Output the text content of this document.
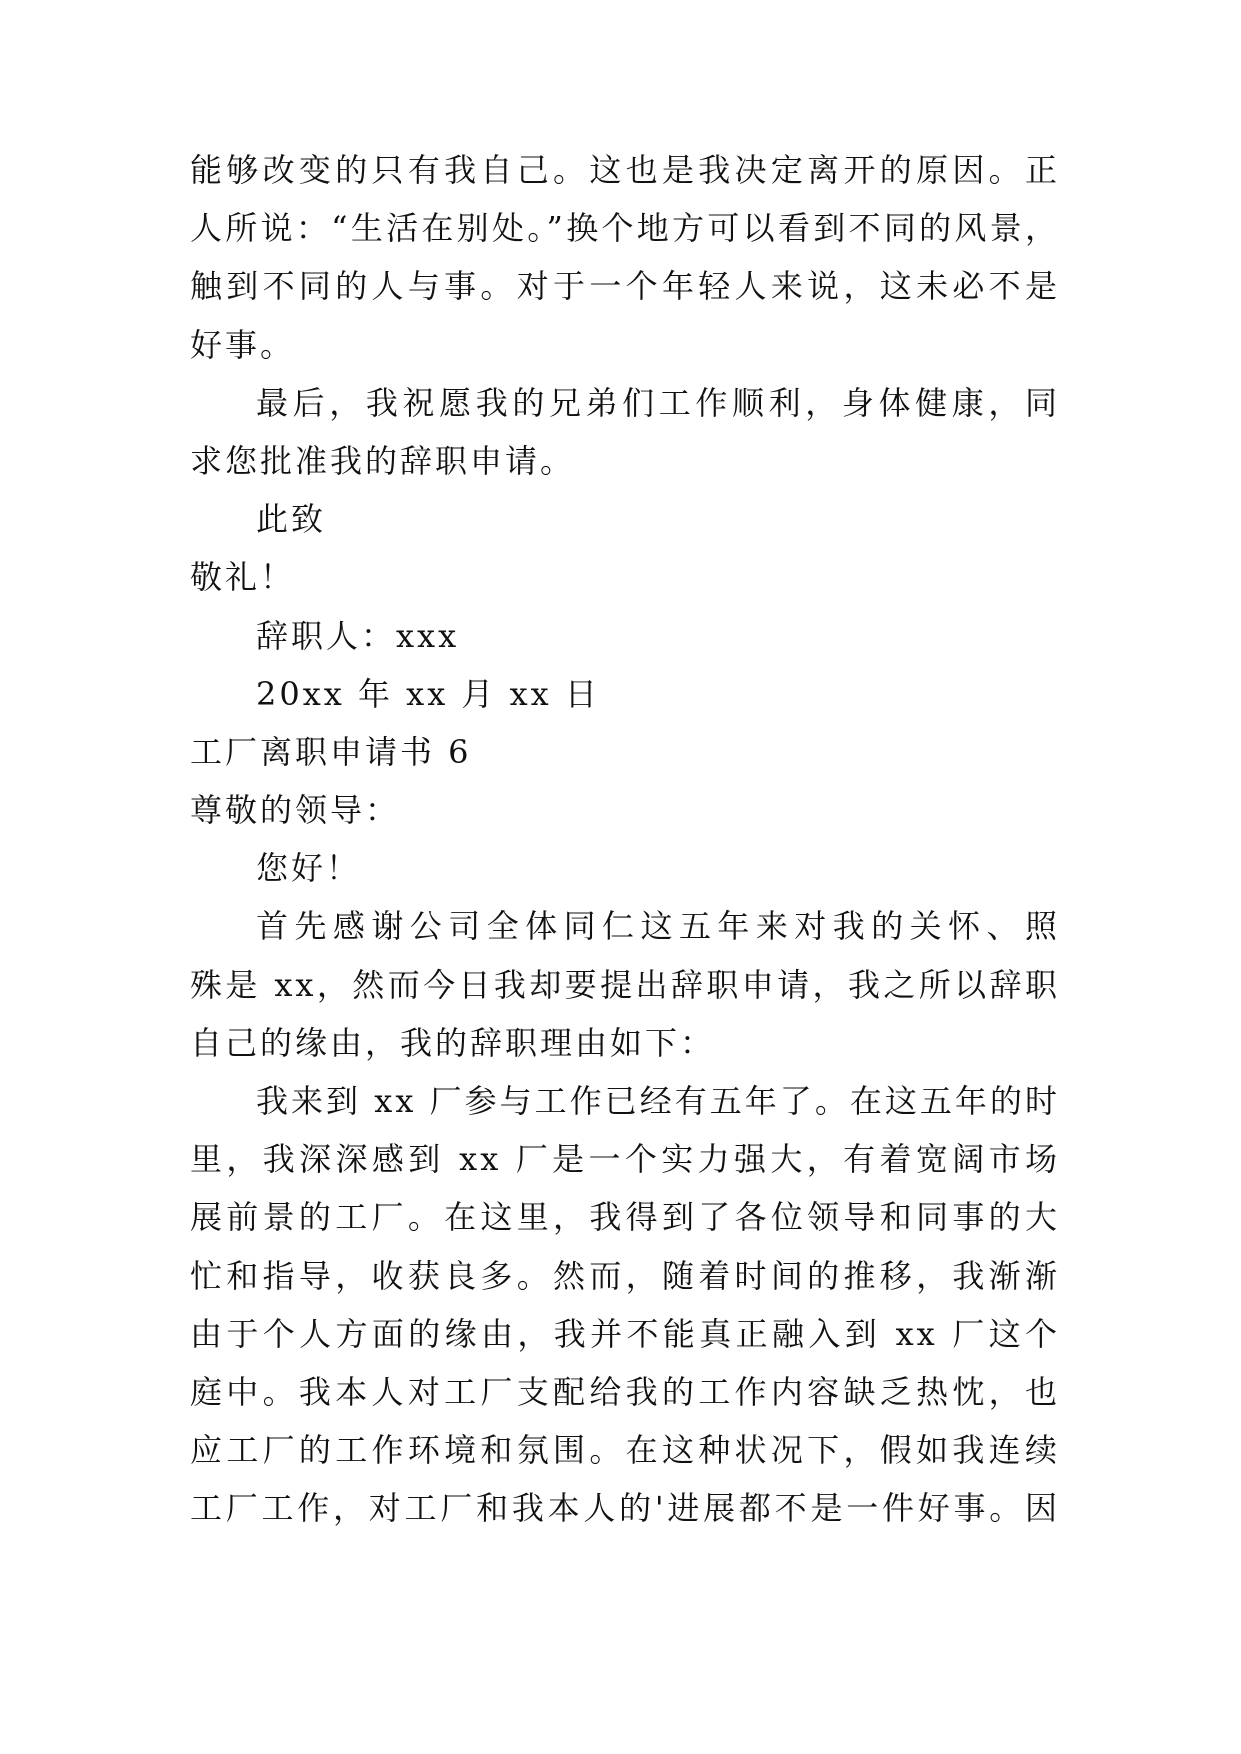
能够改变的只有我自己。这也是我决定离开的原因。正
人所说：“生活在别处。”换个地方可以看到不同的风景，
触到不同的人与事。对于一个年轻人来说，这未必不是
好事。
最后，我祝愿我的兄弟们工作顺利，身体健康，同
求您批准我的辞职申请。
此致
敬礼！
辞职人：xxx
20xx 年 xx 月 xx 日
工厂离职申请书 6
尊敬的领导：
您好！
首先感谢公司全体同仁这五年来对我的关怀、照
殊是 xx，然而今日我却要提出辞职申请，我之所以辞职
自己的缘由，我的辞职理由如下：
我来到 xx 厂参与工作已经有五年了。在这五年的时
里，我深深感到 xx 厂是一个实力强大，有着宽阔市场
展前景的工厂。在这里，我得到了各位领导和同事的大
忙和指导，收获良多。然而，随着时间的推移，我渐渐
由于个人方面的缘由，我并不能真正融入到 xx 厂这个
庭中。我本人对工厂支配给我的工作内容缺乏热忱，也
应工厂的工作环境和氛围。在这种状况下，假如我连续
工厂工作，对工厂和我本人的'进展都不是一件好事。因
